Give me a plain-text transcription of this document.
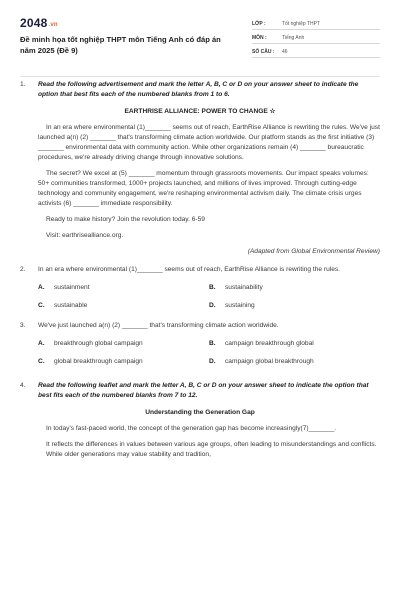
2048.vn
Đề minh họa tốt nghiệp THPT môn Tiếng Anh có đáp án năm 2025 (Đề 9)
LỚP :	Tốt nghiệp THPT
MÔN :	Tiếng Anh
SỐ CÂU :	46
1.	Read the following advertisement and mark the letter A, B, C or D on your answer sheet to indicate the option that best fits each of the numbered blanks from 1 to 6.
EARTHRISE ALLIANCE: POWER TO CHANGE ☆
In an era where environmental (1)_______ seems out of reach, EarthRise Alliance is rewriting the rules. We've just launched a(n) (2) _______ that's transforming climate action worldwide. Our platform stands as the first initiative (3) _______ environmental data with community action. While other organizations remain (4) _______ bureaucratic procedures, we're already driving change through innovative solutions.
The secret? We excel at (5) _______ momentum through grassroots movements. Our impact speaks volumes: 50+ communities transformed, 1000+ projects launched, and millions of lives improved. Through cutting-edge technology and community engagement, we're reshaping environmental activism daily. The climate crisis urges activists (6) _______ immediate responsibility.
Ready to make history? Join the revolution today. 6-59
Visit: earthrisealliance.org.
(Adapted from Global Environmental Review)
2.	In an era where environmental (1)_______ seems out of reach, EarthRise Alliance is rewriting the rules.
A.	sustainment	B.	sustainability
C.	sustainable	D.	sustaining
3.	We've just launched a(n) (2) _______ that's transforming climate action worldwide.
A.	breakthrough global campaign	B.	campaign breakthrough global
C.	global breakthrough campaign	D.	campaign global breakthrough
4.	Read the following leaflet and mark the letter A, B, C or D on your answer sheet to indicate the option that best fits each of the numbered blanks from 7 to 12.
Understanding the Generation Gap
In today's fast-paced world, the concept of the generation gap has become increasingly(7)_______.
It reflects the differences in values between various age groups, often leading to misunderstandings and conflicts. While older generations may value stability and tradition,
